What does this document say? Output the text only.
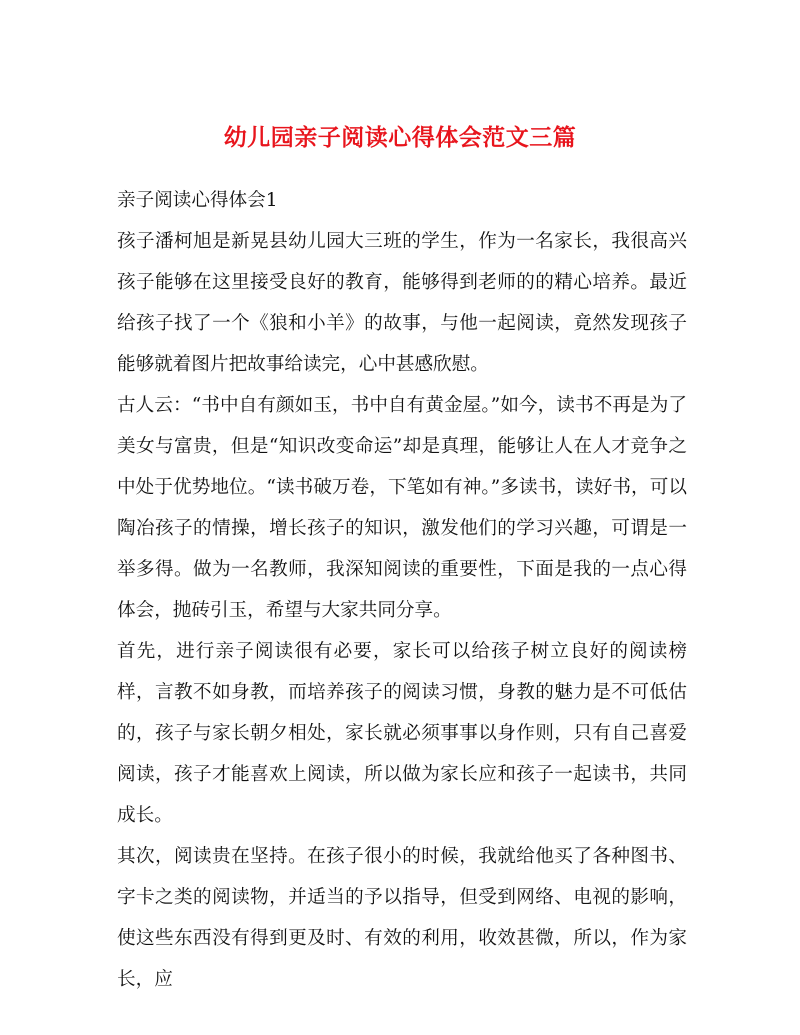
幼儿园亲子阅读心得体会范文三篇
亲子阅读心得体会1

孩子潘柯旭是新晃县幼儿园大三班的学生，作为一名家长，我很高兴孩子能够在这里接受良好的教育，能够得到老师的的精心培养。最近给孩子找了一个《狼和小羊》的故事，与他一起阅读，竟然发现孩子能够就着图片把故事给读完，心中甚感欣慰。

古人云：“书中自有颜如玉，书中自有黄金屋。”如今，读书不再是为了美女与富贵，但是“知识改变命运”却是真理，能够让人在人才竞争之中处于优势地位。“读书破万卷，下笔如有神。”多读书，读好书，可以陶冶孩子的情操，增长孩子的知识，激发他们的学习兴趣，可谓是一举多得。做为一名教师，我深知阅读的重要性，下面是我的一点心得体会，抛砖引玉，希望与大家共同分享。

首先，进行亲子阅读很有必要，家长可以给孩子树立良好的阅读榜样，言教不如身教，而培养孩子的阅读习惯，身教的魅力是不可低估的，孩子与家长朝夕相处，家长就必须事事以身作则，只有自己喜爱阅读，孩子才能喜欢上阅读，所以做为家长应和孩子一起读书，共同成长。

其次，阅读贵在坚持。在孩子很小的时候，我就给他买了各种图书、字卡之类的阅读物，并适当的予以指导，但受到网络、电视的影响，使这些东西没有得到更及时、有效的利用，收效甚微，所以，作为家长，应
